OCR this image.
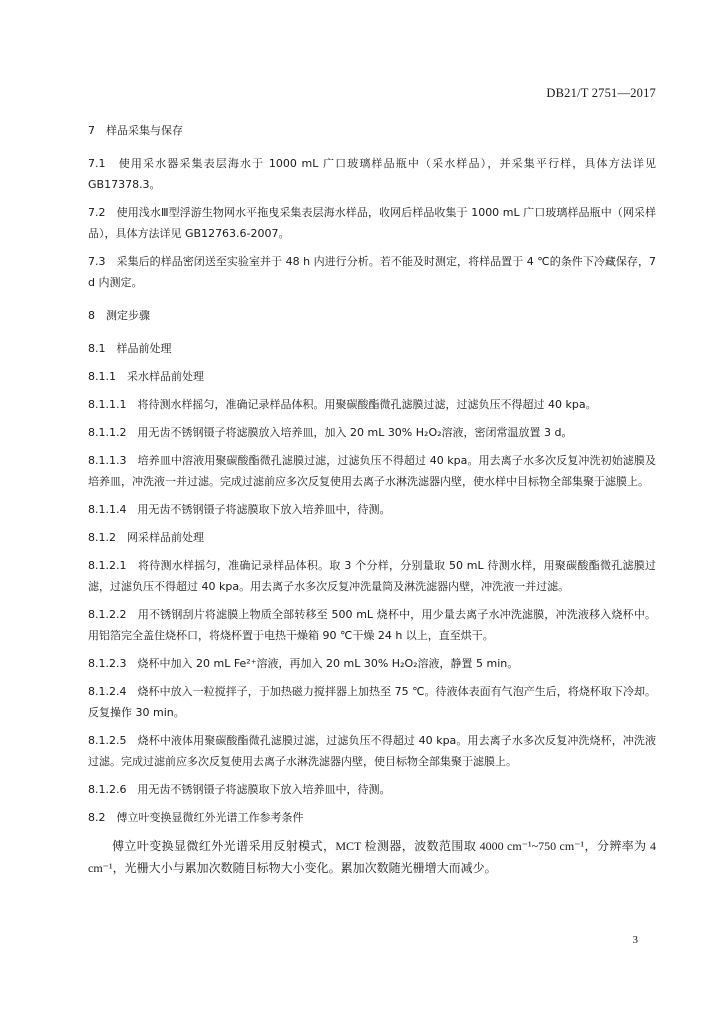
DB21/T 2751—2017

7　样品采集与保存

7.1　使用采水器采集表层海水于 1000 mL 广口玻璃样品瓶中（采水样品），并采集平行样，具体方法详见 GB17378.3。

7.2　使用浅水Ⅲ型浮游生物网水平拖曳采集表层海水样品，收网后样品收集于 1000 mL 广口玻璃样品瓶中（网采样品），具体方法详见 GB12763.6-2007。

7.3　采集后的样品密闭送至实验室并于 48 h 内进行分析。若不能及时测定，将样品置于 4 ℃的条件下冷藏保存，7 d 内测定。

8　测定步骤

8.1　样品前处理

8.1.1　采水样品前处理

8.1.1.1　将待测水样摇匀，准确记录样品体积。用聚碳酸酯微孔滤膜过滤，过滤负压不得超过 40 kpa。

8.1.1.2　用无齿不锈钢镊子将滤膜放入培养皿，加入 20 mL 30% H₂O₂溶液，密闭常温放置 3 d。

8.1.1.3　培养皿中溶液用聚碳酸酯微孔滤膜过滤，过滤负压不得超过 40 kpa。用去离子水多次反复冲洗初始滤膜及培养皿，冲洗液一并过滤。完成过滤前应多次反复使用去离子水淋洗滤器内壁，使水样中目标物全部集聚于滤膜上。

8.1.1.4　用无齿不锈钢镊子将滤膜取下放入培养皿中，待测。

8.1.2　网采样品前处理

8.1.2.1　将待测水样摇匀，准确记录样品体积。取 3 个分样，分别量取 50 mL 待测水样，用聚碳酸酯微孔滤膜过滤，过滤负压不得超过 40 kpa。用去离子水多次反复冲洗量筒及淋洗滤器内壁，冲洗液一并过滤。

8.1.2.2　用不锈钢刮片将滤膜上物质全部转移至 500 mL 烧杯中，用少量去离子水冲洗滤膜，冲洗液移入烧杯中。用铝箔完全盖住烧杯口，将烧杯置于电热干燥箱 90 ℃干燥 24 h 以上，直至烘干。

8.1.2.3　烧杯中加入 20 mL Fe²⁺溶液，再加入 20 mL 30% H₂O₂溶液，静置 5 min。

8.1.2.4　烧杯中放入一粒搅拌子，于加热磁力搅拌器上加热至 75 ℃。待液体表面有气泡产生后，将烧杯取下冷却。反复操作 30 min。

8.1.2.5　烧杯中液体用聚碳酸酯微孔滤膜过滤，过滤负压不得超过 40 kpa。用去离子水多次反复冲洗烧杯，冲洗液过滤。完成过滤前应多次反复使用去离子水淋洗滤器内壁，使目标物全部集聚于滤膜上。

8.1.2.6　用无齿不锈钢镊子将滤膜取下放入培养皿中，待测。

8.2　傅立叶变换显微红外光谱工作参考条件

傅立叶变换显微红外光谱采用反射模式，MCT 检测器，波数范围取 4000 cm⁻¹~750 cm⁻¹，分辨率为 4 cm⁻¹，光栅大小与累加次数随目标物大小变化。累加次数随光栅增大而减少。

3
